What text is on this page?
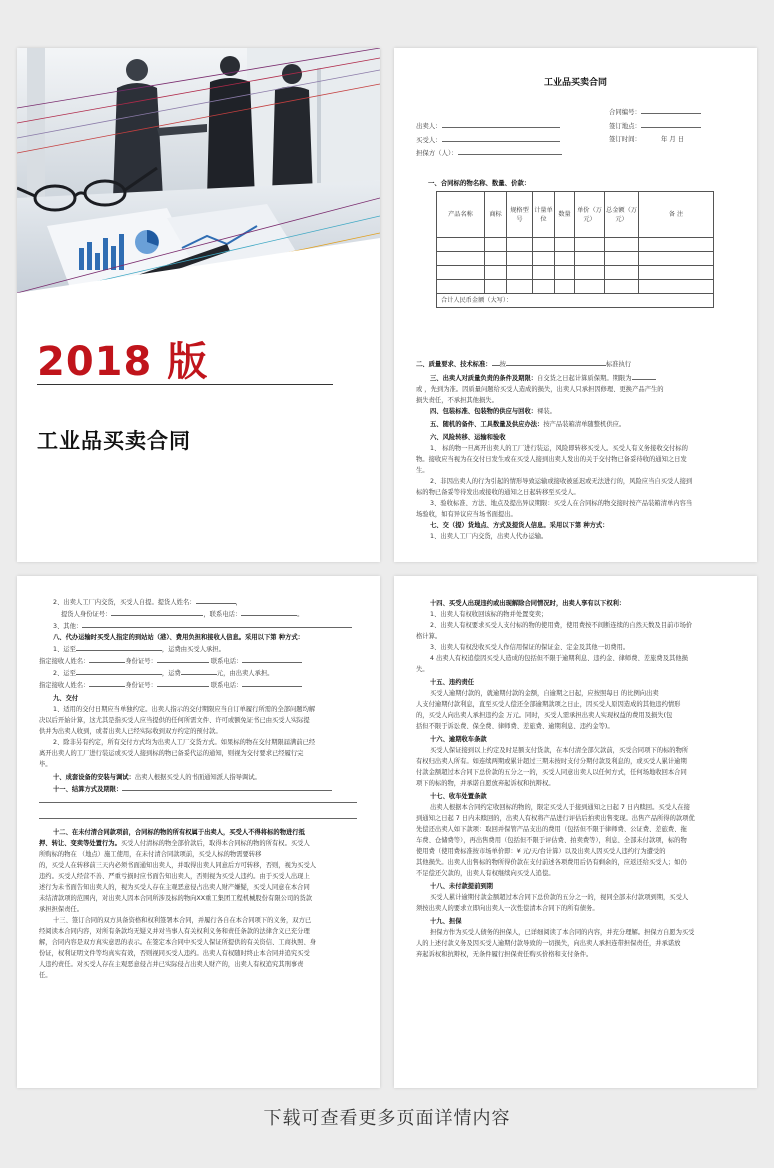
2018 版
工业品买卖合同
工业品买卖合同
合同编号：
签订地点：
签订时间：	年 月 日
出卖人：
买受人：
担保方（人）：
一、合同标的物名称、数量、价款：
产品名称	商标	规格型号	计量单位	数量	单价（万元）	总金额（万元）	备 注

合计人民币金额（大写）：							
二、质量要求、技术标准： 按	标准执行
三、出卖人对质量负责的条件及期限：自交货之日起计算质保期。期限为
或 ，先到为准。因质量问题给买受人造成的损失，出卖人只承担因修理、更换产品产生的
损失责任，不承担其他损失。
四、包装标准、包装物的供应与回收：裸装。
五、随机的备件、工具数量及供应办法：按产品装箱清单随整机供应。
六、风险转移、运输和验收
1、 标的物一旦离开出卖人的工厂进行装运，风险即转移买受人。买受人有义务接收交付标的
物。接收应当视为在交付日发生或在买受人接到出卖人发出的关于交付物已备妥待收的通知之日发
生。
2、非因出卖人的行为引起的情形导致运输或接收被延迟或无法进行的，风险应当自买受人接到
标的物已备妥等待发出或接收的通知之日起转移至买受人。
3、验收标准、方法、地点及提出异议期限：买受人在合同标的物交接时按产品装箱清单内容当
场验收，如有异议应当场书面提出。
七、交（提）货地点、方式及提货人信息。采用以下第 种方式：
1、出卖人工厂内交货，出卖人代办运输。
2、出卖人工厂内交货，买受人自提。提货人姓名：	，
提货人身份证号：	，联系电话：	。
3、其他：
八、代办运输时买受人指定的到站站（港）、费用负担和接收人信息。采用以下第 种方式：
1、运至	，运费由买受人承担。
指定接收人姓名：	身份证号：	联系电话：
2、运至	，运费	元，由出卖人承担。
指定接收人姓名：	身份证号：	联系电话：
九、交付
1、适用的交付日期应当单独约定。出卖人指示的交付期限应当自订单履行所需的全部问题均解
决以后开始计算，这尤其是指买受人应当提供的任何所需文件、许可或额免证书已由买受人实际提
供并为出卖人收到，或者出卖人已经实际收到双方约定的预付款。
2、除非另有约定，所有交付方式均为出卖人工厂交货方式。如果标的物在交付期限届满前已经
离开出卖人的工厂进行装运或买受人接到标的物已备妥代运的通知，则视为交付要求已经履行完
毕。
十、成套设备的安装与调试：出卖人根据买受人的书面通知派人指导调试。
十一、结算方式及期限：
十二、在未付清合同款项前，合同标的物的所有权属于出卖人，买受人不得将标的物进行抵
押、转让、变卖等处置行为。买受人付清标的物全部价款后，取得本合同标的物的所有权。买受人
所购标的物在 （地点）施工使用，在未付清合同款项前，买受人标的物需要转移
的，买受人在转移前三天内必须书面通知出卖人，并取得出卖人同意后方可转移，否则，视为买受人
违约。买受人经营不善、严重亏损时应书面告知出卖人，否则视为买受人违约。由于买受人出现上
述行为未书面告知出卖人的，视为买受人存在主观恶意侵占出卖人财产嫌疑，买受人同意在本合同
未结清款项的范围内，对出卖人因本合同所涉及标的物向XX重工集团工程机械股份有限公司的货款
承担担保责任。
十三、签订合同的双方具备资格和权利签署本合同，并履行各自在本合同项下的义务，双方已
经阅读本合同内容，对所有条款均无疑义并对当事人有关权利义务和责任条款的法律含义已充分理
解，合同内容是双方真实意思的表示。在签定本合同中买受人保证所提供的有关资信、工商执照、身
份证，权利证明文件等均真实有效，否则视同买受人违约。出卖人有权随时终止本合同并追究买受
人违约责任。对买受人存在主观恶意侵占并已实际侵占出卖人财产的，出卖人有权追究其刑事责
任。
十四、买受人出现违约或出现解除合同情况时，出卖人享有以下权利：
1、出卖人有权收回该标的物并处置变卖；
2、出卖人有权要求买受人支付标的物的使用费，使用费按不间断连续的自然天数及目前市场价
格计算。
3、出卖人有权没收买受人作信用保证的保证金、定金及其他一切费用。
4 出卖人有权追偿因买受人造成的包括但不限于逾期利息、违约金、律师费、差旅费及其他损
失。
十五、违约责任
买受人逾期付款的，就逾期付款的金额，自逾期之日起，应按照每日 的比例向出卖
人支付逾期付款利息，直至买受人偿还全部逾期款项之日止，因买受人原因造成的其他违约情形
的，买受人向出卖人承担违约金 万元。同时，买受人需承担出卖人实现权益的费用及损失(包
括但不限于诉讼费、保全费、律师费、差旅费、逾期利息、违约金等)。
十六、逾期收车条款
买受人保证接到以上约定及时足额支付货款，在本付清全部欠款前，买受合同项下的标的物所
有权归出卖人所有。如连续两期或累计超过三期未按时支付分期付款及利息的，或买受人累计逾期
付款金额超过本合同下总价款的五分之一的，买受人同意出卖人以任何方式，任何场地收回本合同
项下的标的物，并承诺自愿放弃起诉权和抗辩权。
十七、收车处置条款
出卖人根据本合同约定收回标的物的，限定买受人于接到通知之日起 7 日内赎回。买受人在接
到通知之日起 7 日内未赎回的，出卖人有权将产品进行评估后拍卖出售变现。出售产品所得的款项优
先偿还出卖人如下款项：取回并保管产品支出的费用（包括但不限于律师费、公证费、差旅费、拖
车费、仓储费等），再出售费用（包括但不限于评估费、拍卖费等），利息、全部未付款项，标的物
使用费（使用费标准按市场单价即：¥ 元/天/台计算）以及出卖人因买受人违约行为遭受的
其他损失。出卖人出售标的物所得价款在支付前述各项费用后仍有剩余的，应返还给买受人；如仍
不足偿还欠款的，出卖人有权继续向买受人追偿。
十八、未付款提前到期
买受人累计逾期付款金额超过本合同下总价款的五分之一的，视同全部未付款项到期，买受人
须按出卖人的要求立即向出卖人一次性偿清本合同下的所有债务。
十九、担保
担保方作为买受人债务的担保人，已详细阅读了本合同的内容，并充分理解。担保方自愿为买受
人的上述付款义务及因买受人逾期付款导致的一切损失，向出卖人承担连带担保责任，并承诺放
弃起诉权和抗辩权，无条件履行担保责任购买价格和支付条件。
下载可查看更多页面详情内容
